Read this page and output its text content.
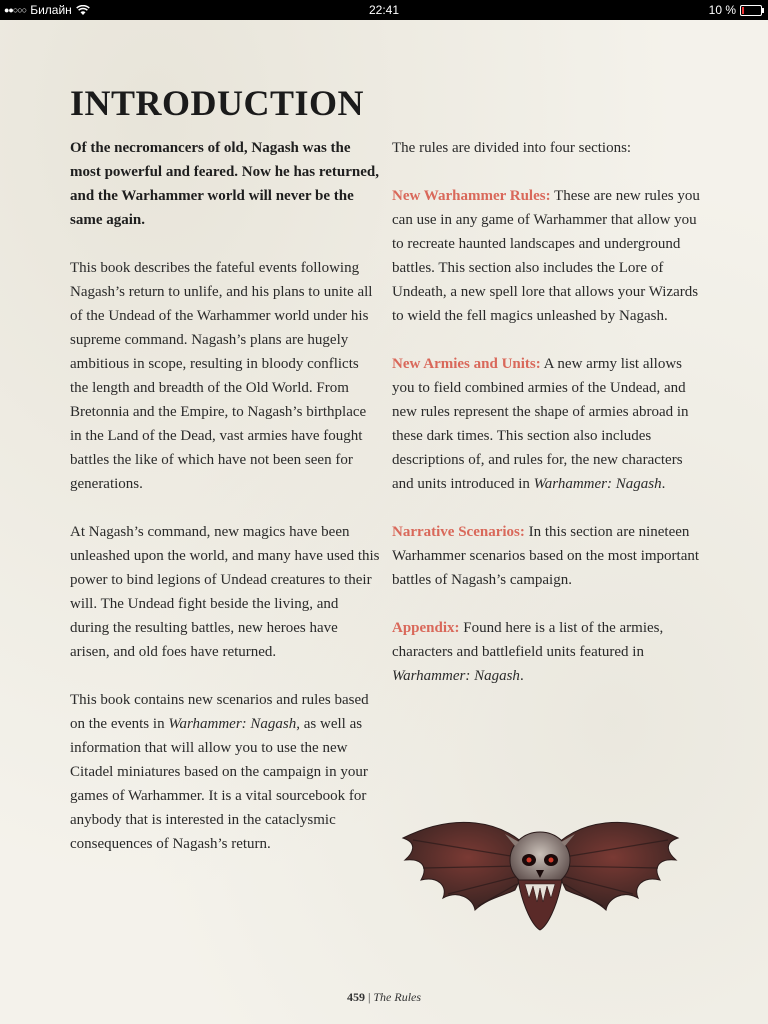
●●○○○ Билайн	22:41	10 %
INTRODUCTION

Of the necromancers of old, Nagash was the most powerful and feared. Now he has returned, and the Warhammer world will never be the same again.

This book describes the fateful events following Nagash’s return to unlife, and his plans to unite all of the Undead of the Warhammer world under his supreme command. Nagash’s plans are hugely ambitious in scope, resulting in bloody conflicts the length and breadth of the Old World. From Bretonnia and the Empire, to Nagash’s birthplace in the Land of the Dead, vast armies have fought battles the like of which have not been seen for generations.

At Nagash’s command, new magics have been unleashed upon the world, and many have used this power to bind legions of Undead creatures to their will. The Undead fight beside the living, and during the resulting battles, new heroes have arisen, and old foes have returned.

This book contains new scenarios and rules based on the events in Warhammer: Nagash, as well as information that will allow you to use the new Citadel miniatures based on the campaign in your games of Warhammer. It is a vital sourcebook for anybody that is interested in the cataclysmic consequences of Nagash’s return.

The rules are divided into four sections:

New Warhammer Rules: These are new rules you can use in any game of Warhammer that allow you to recreate haunted landscapes and underground battles. This section also includes the Lore of Undeath, a new spell lore that allows your Wizards to wield the fell magics unleashed by Nagash.

New Armies and Units: A new army list allows you to field combined armies of the Undead, and new rules represent the shape of armies abroad in these dark times. This section also includes descriptions of, and rules for, the new characters and units introduced in Warhammer: Nagash.

Narrative Scenarios: In this section are nineteen Warhammer scenarios based on the most important battles of Nagash’s campaign.

Appendix: Found here is a list of the armies, characters and battlefield units featured in Warhammer: Nagash.

459 | The Rules
